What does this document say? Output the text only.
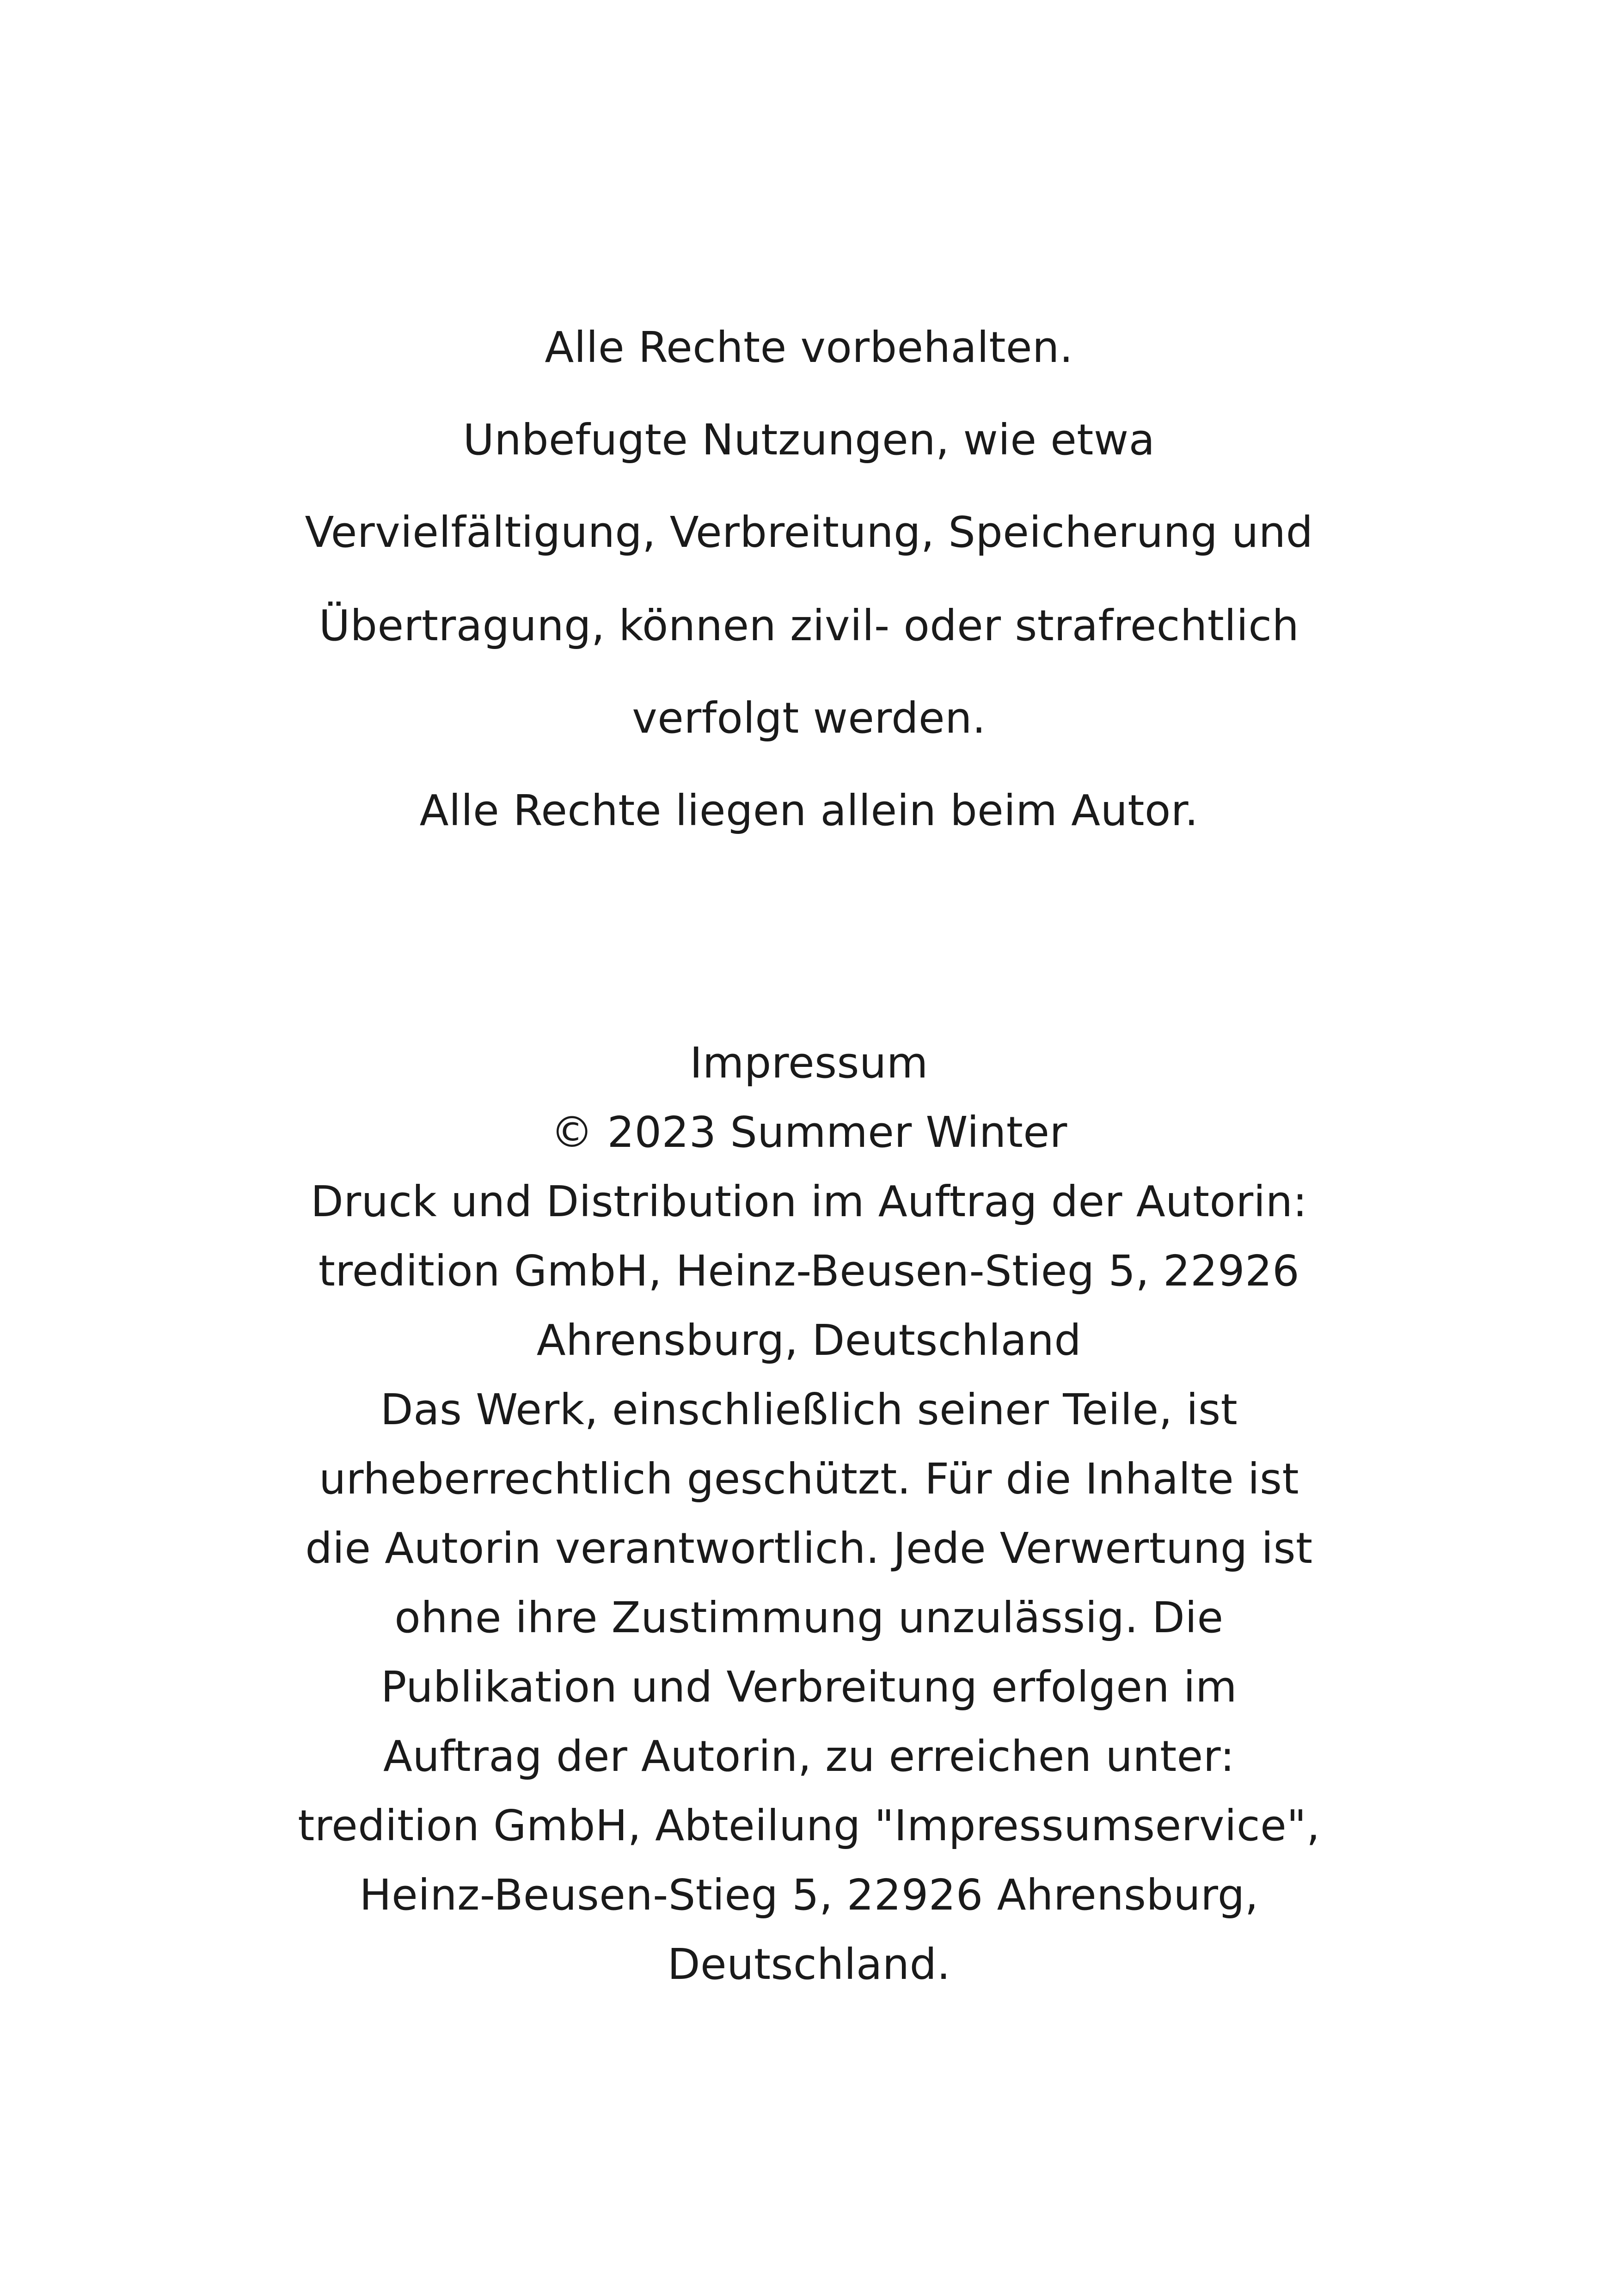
Alle Rechte vorbehalten.
Unbefugte Nutzungen, wie etwa
Vervielfältigung, Verbreitung, Speicherung und
Übertragung, können zivil- oder strafrechtlich
verfolgt werden.
Alle Rechte liegen allein beim Autor.
Impressum
© 2023 Summer Winter
Druck und Distribution im Auftrag der Autorin:
tredition GmbH, Heinz-Beusen-Stieg 5, 22926
Ahrensburg, Deutschland
Das Werk, einschließlich seiner Teile, ist
urheberrechtlich geschützt. Für die Inhalte ist
die Autorin verantwortlich. Jede Verwertung ist
ohne ihre Zustimmung unzulässig. Die
Publikation und Verbreitung erfolgen im
Auftrag der Autorin, zu erreichen unter:
tredition GmbH, Abteilung "Impressumservice",
Heinz-Beusen-Stieg 5, 22926 Ahrensburg,
Deutschland.
